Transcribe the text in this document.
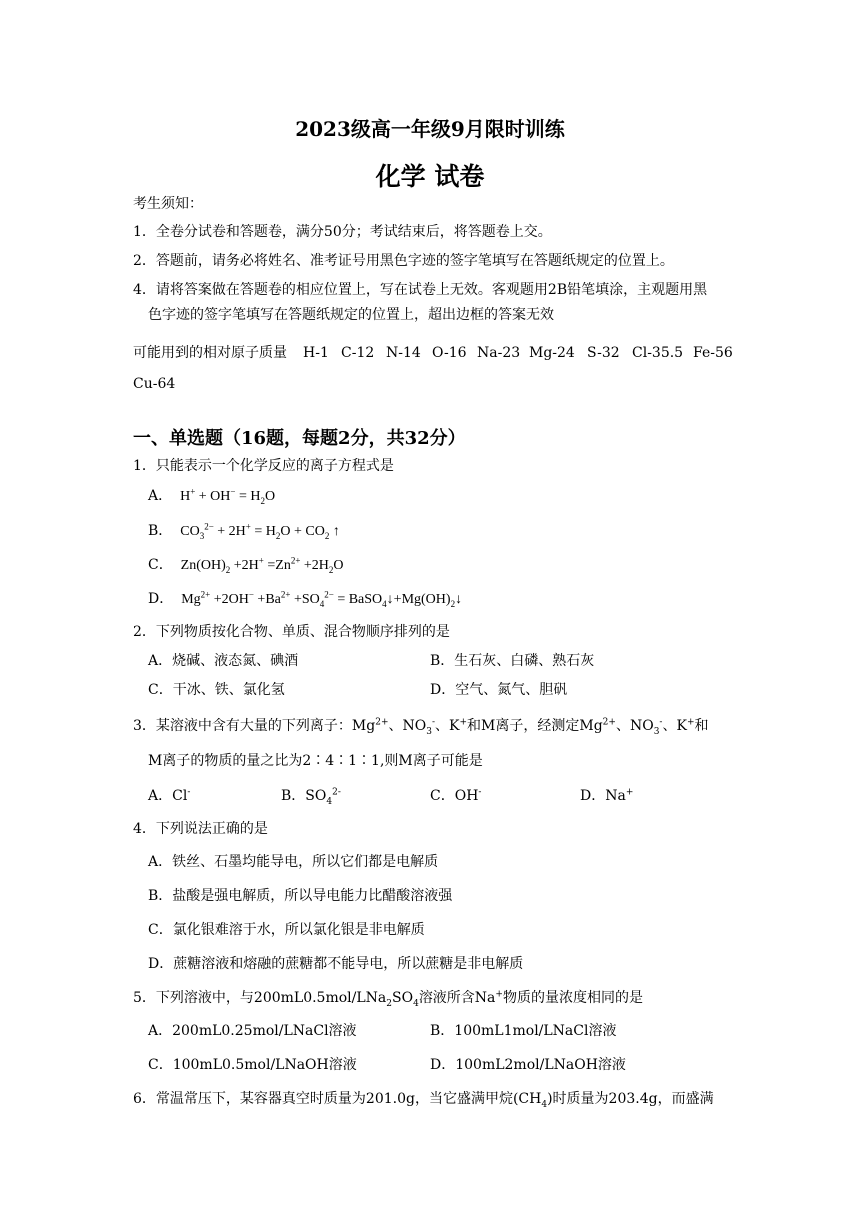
2023级高一年级9月限时训练
化学 试卷
考生须知：
1．全卷分试卷和答题卷，满分50分；考试结束后，将答题卷上交。
2．答题前，请务必将姓名、准考证号用黑色字迹的签字笔填写在答题纸规定的位置上。
4．请将答案做在答题卷的相应位置上，写在试卷上无效。客观题用2B铅笔填涂，主观题用黑
色字迹的签字笔填写在答题纸规定的位置上，超出边框的答案无效
可能用到的相对原子质量 H-1 C-12 N-14 O-16 Na-23 Mg-24 S-32 Cl-35.5 Fe-56
Cu-64
一、单选题（16题，每题2分，共32分）
1．只能表示一个化学反应的离子方程式是
A．  $H^+ + OH^- = H_2O$
B．  $CO_3^{2-} + 2H^+ = H_2O + CO_2$ ↑
C．  $Zn(OH)_2 +2H^+ =Zn^{2+} +2H_2O$
D．  $Mg^{2+} +2OH^- +Ba^{2+} +SO_4^{2-}$ = $BaSO_4↓+Mg(OH)_2↓$
2．下列物质按化合物、单质、混合物顺序排列的是
A．烧碱、液态氮、碘酒	B．生石灰、白磷、熟石灰
C．干冰、铁、氯化氢	D．空气、氮气、胆矾
3．某溶液中含有大量的下列离子：$Mg^{2+}$、$NO_3^-$、K+和M离子，经测定$Mg^{2+}$、$NO_3^-$、K+和
M离子的物质的量之比为2∶4∶1∶1,则M离子可能是
A．Cl-	B．$SO_4^{2-}$	C．OH-	D．Na+
4．下列说法正确的是
A．铁丝、石墨均能导电，所以它们都是电解质
B．盐酸是强电解质，所以导电能力比醋酸溶液强
C．氯化银难溶于水，所以氯化银是非电解质
D．蔗糖溶液和熔融的蔗糖都不能导电，所以蔗糖是非电解质
5．下列溶液中，与$200mL0.5mol/LNa_2SO_4$溶液所含Na+物质的量浓度相同的是
A．200mL0.25mol/LNaCl溶液	B．100mL1mol/LNaCl溶液
C．100mL0.5mol/LNaOH溶液	D．100mL2mol/LNaOH溶液
6．常温常压下，某容器真空时质量为201.0g，当它盛满甲烷$(CH_4)$时质量为203.4g，而盛满
